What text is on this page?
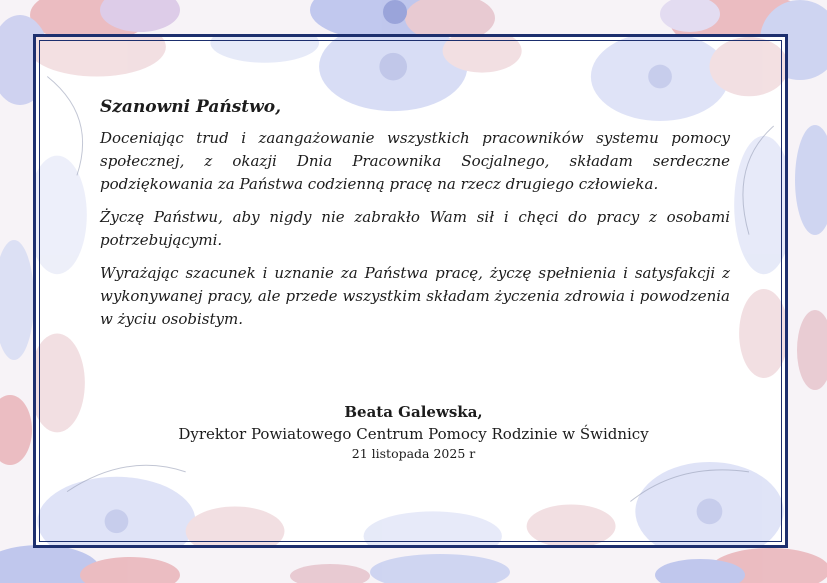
Szanowni Państwo,

Doceniając trud i zaangażowanie wszystkich pracowników systemu pomocy społecznej, z okazji Dnia Pracownika Socjalnego, składam serdeczne podziękowania za Państwa codzienną pracę na rzecz drugiego człowieka.

Życzę Państwu, aby nigdy nie zabrakło Wam sił i chęci do pracy z osobami potrzebującymi.

Wyrażając szacunek i uznanie za Państwa pracę, życzę spełnienia i satysfakcji z wykonywanej pracy, ale przede wszystkim składam życzenia zdrowia i powodzenia w życiu osobistym.

Beata Galewska,

Dyrektor Powiatowego Centrum Pomocy Rodzinie w Świdnicy

21 listopada 2025 r
